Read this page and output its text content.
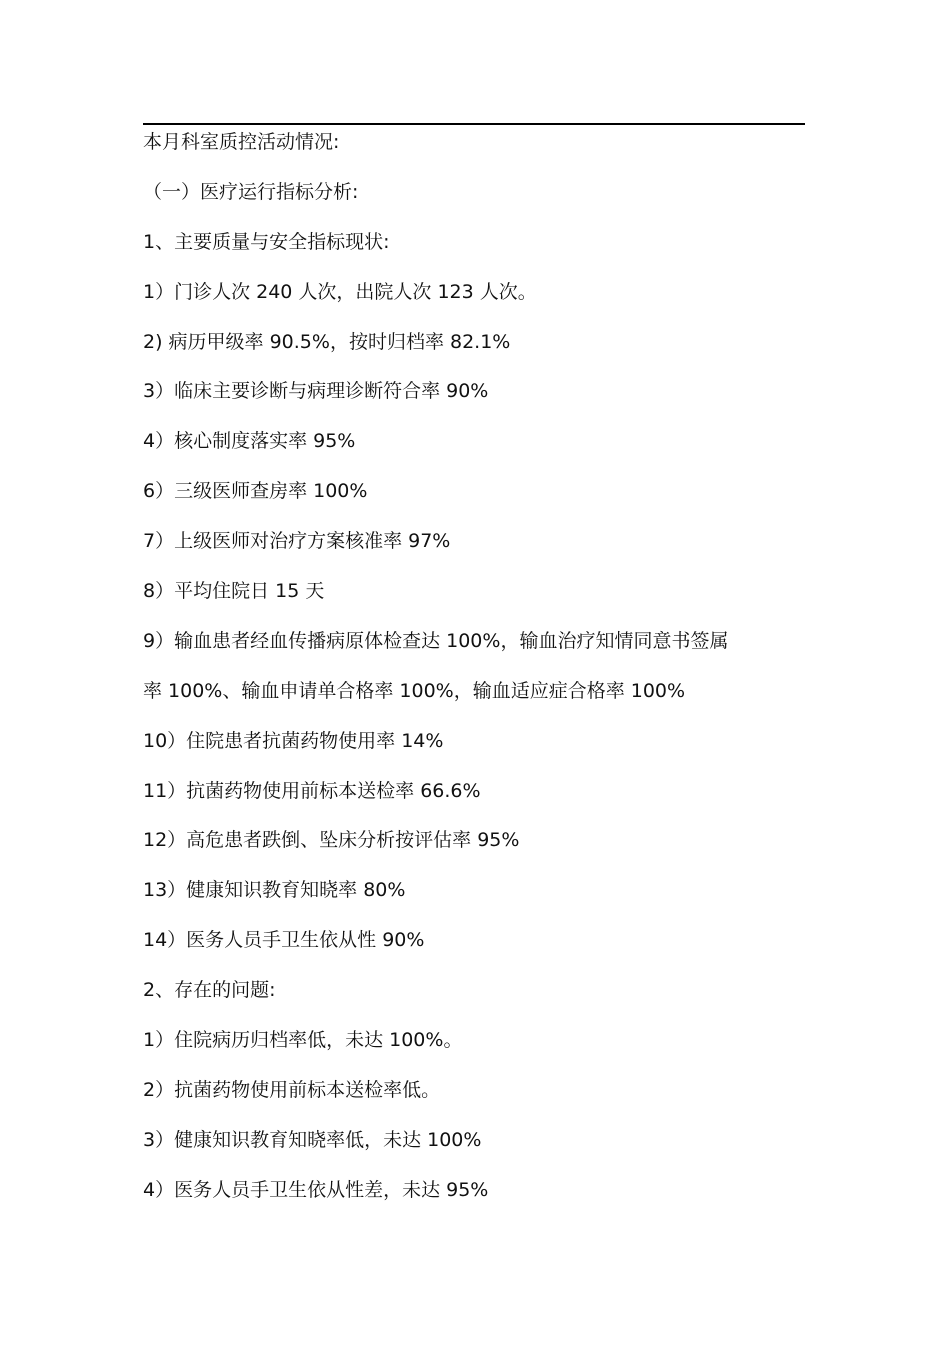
本月科室质控活动情况:
（一）医疗运行指标分析:
1、主要质量与安全指标现状:
1）门诊人次 240 人次，出院人次 123 人次。
2) 病历甲级率 90.5%，按时归档率 82.1%
3）临床主要诊断与病理诊断符合率 90%
4）核心制度落实率 95%
6）三级医师查房率 100%
7）上级医师对治疗方案核准率 97%
8）平均住院日 15 天
9）输血患者经血传播病原体检查达 100%，输血治疗知情同意书签属
率 100%、输血申请单合格率 100%，输血适应症合格率 100%
10）住院患者抗菌药物使用率 14%
11）抗菌药物使用前标本送检率 66.6%
12）高危患者跌倒、坠床分析按评估率 95%
13）健康知识教育知晓率 80%
14）医务人员手卫生依从性 90%
2、存在的问题:
1）住院病历归档率低，未达 100%。
2）抗菌药物使用前标本送检率低。
3）健康知识教育知晓率低，未达 100%
4）医务人员手卫生依从性差，未达 95%
